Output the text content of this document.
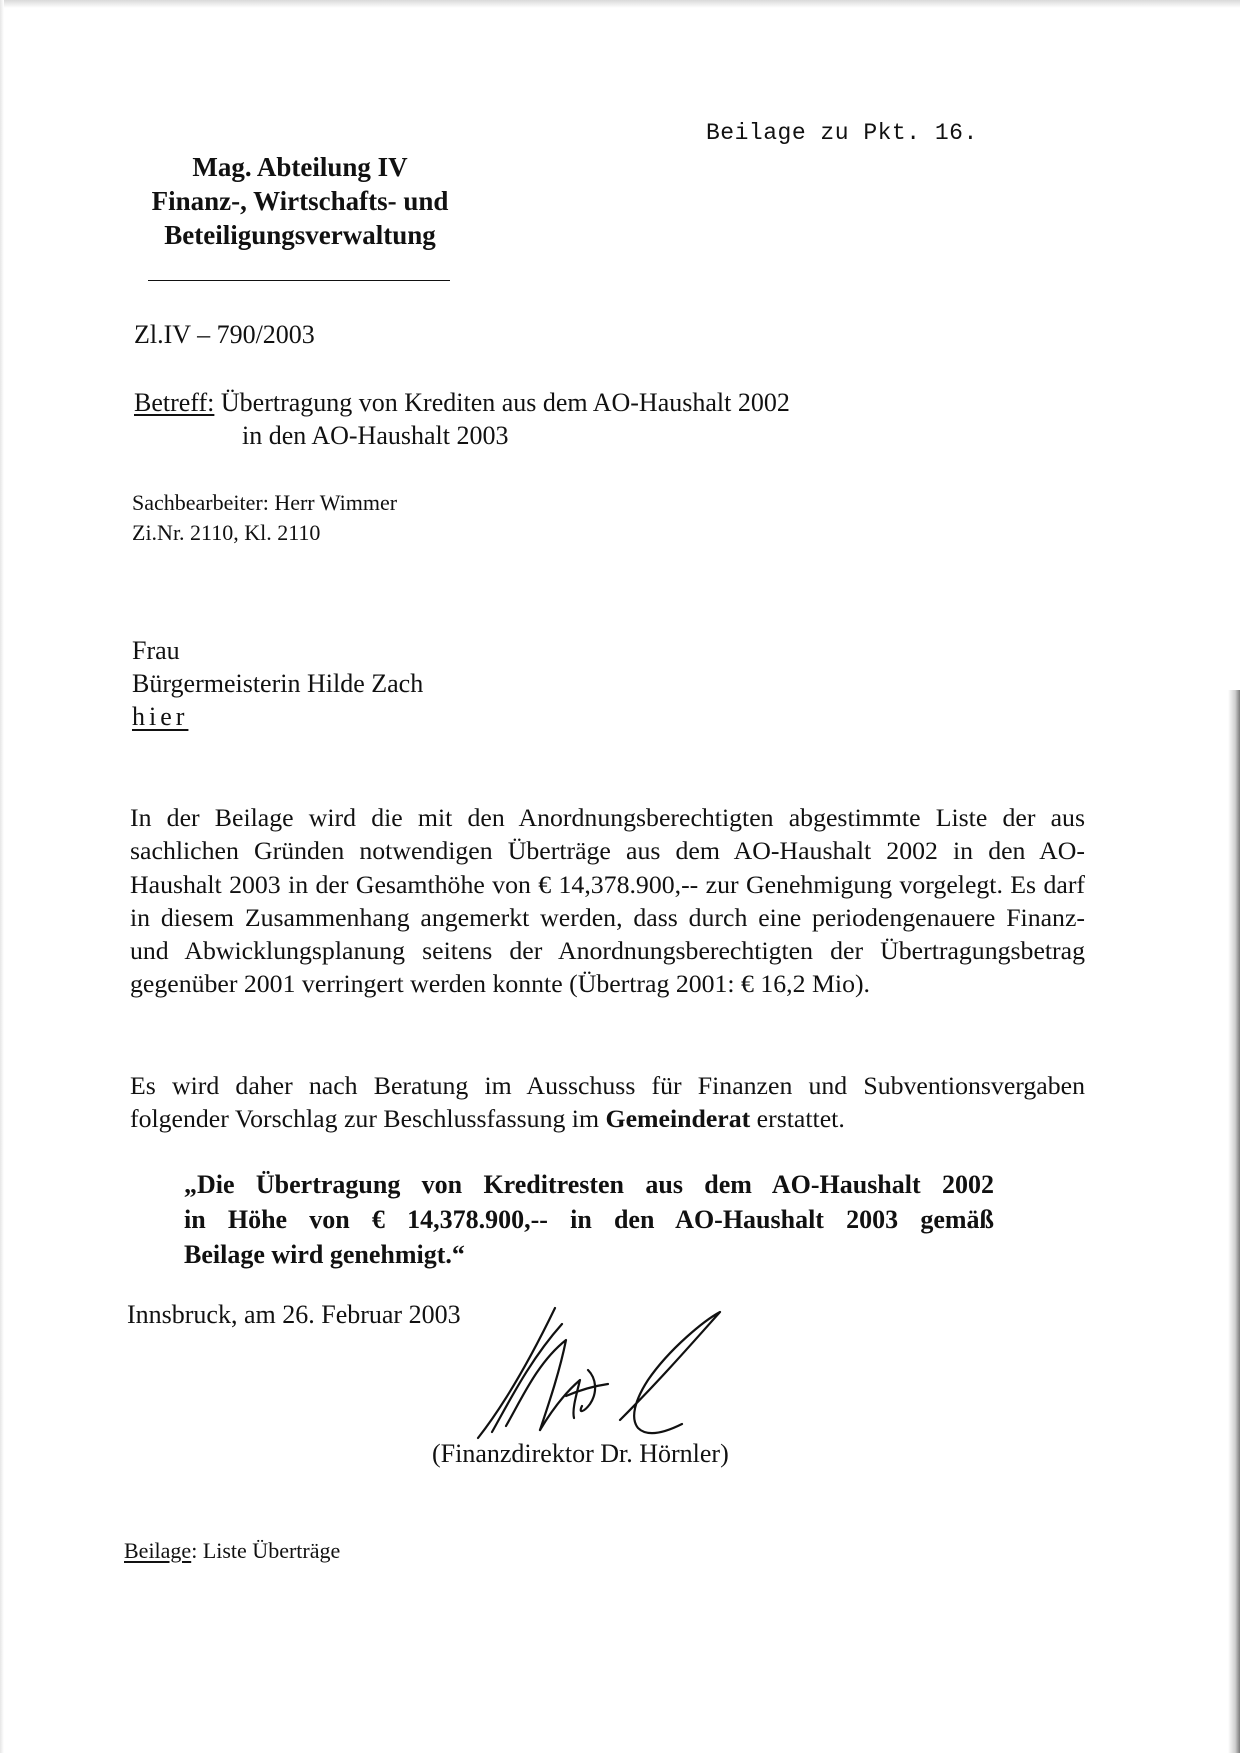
Beilage zu Pkt. 16.
Mag. Abteilung IV
Finanz-, Wirtschafts- und
Beteiligungsverwaltung
Zl.IV – 790/2003
Betreff: Übertragung von Krediten aus dem AO-Haushalt 2002
in den AO-Haushalt 2003
Sachbearbeiter: Herr Wimmer
Zi.Nr. 2110, Kl. 2110
Frau
Bürgermeisterin Hilde Zach
hier
In der Beilage wird die mit den Anordnungsberechtigten abgestimmte Liste der aus sachlichen Gründen notwendigen Überträge aus dem AO-Haushalt 2002 in den AO-Haushalt 2003 in der Gesamthöhe von € 14,378.900,-- zur Genehmigung vorgelegt. Es darf in diesem Zusammenhang angemerkt werden, dass durch eine periodengenauere Finanz- und Abwicklungsplanung seitens der Anordnungsberechtigten der Übertragungsbetrag gegenüber 2001 verringert werden konnte (Übertrag 2001: € 16,2 Mio).
Es wird daher nach Beratung im Ausschuss für Finanzen und Subventionsvergaben folgender Vorschlag zur Beschlussfassung im Gemeinderat erstattet.
„Die Übertragung von Kreditresten aus dem AO-Haushalt 2002
in Höhe von € 14,378.900,-- in den AO-Haushalt 2003 gemäß
Beilage wird genehmigt.“
Innsbruck, am 26. Februar 2003
(Finanzdirektor Dr. Hörnler)
Beilage: Liste Überträge
